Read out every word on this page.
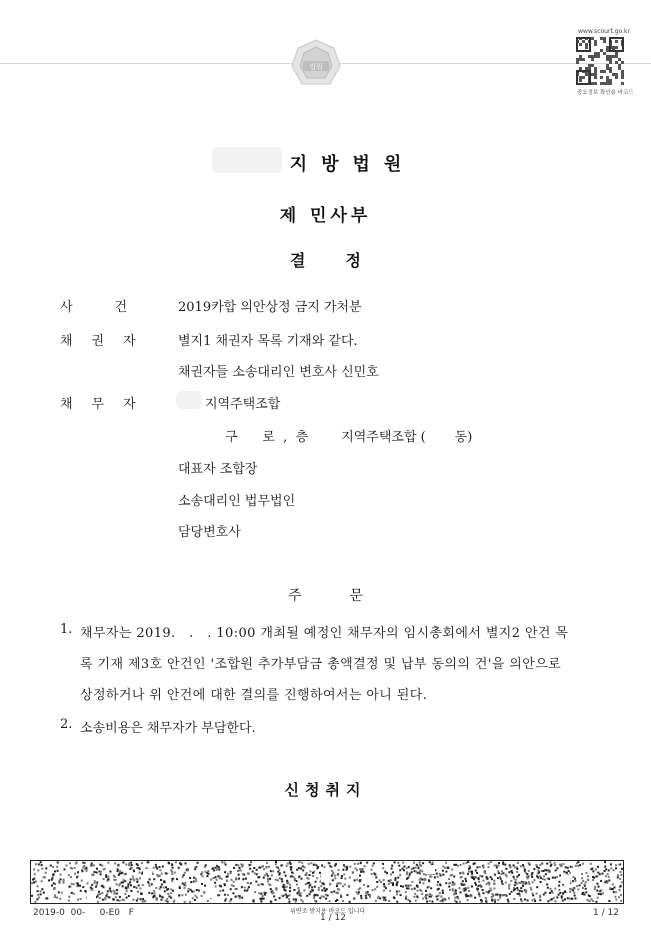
법원
www.scourt.go.kr
중요정보 확인용 바코드
지방법원
제 민사부
결정
사건 2019카합 의안상정 금지 가처분
채권자 별지1 채권자 목록 기재와 같다.
채권자들 소송대리인 변호사 신민호
채무자	지역주택조합
구      로  ,  층        지역주택조합 (       동)
대표자 조합장
소송대리인 법무법인
담당변호사
주문
1. 채무자는 2019.   .   . 10:00 개최될 예정인 채무자의 임시총회에서 별지2 안건 목
록 기재 제3호 안건인 '조합원 추가부담금 총액결정 및 납부 동의의 건'을 의안으로
상정하거나 위 안건에 대한 결의를 진행하여서는 아니 된다.
2. 소송비용은 채무자가 부담한다.
신청취지
2019-0  00-     0-E0   F	위변조 방지용 바코드 입니다
1 / 12	1 / 12
